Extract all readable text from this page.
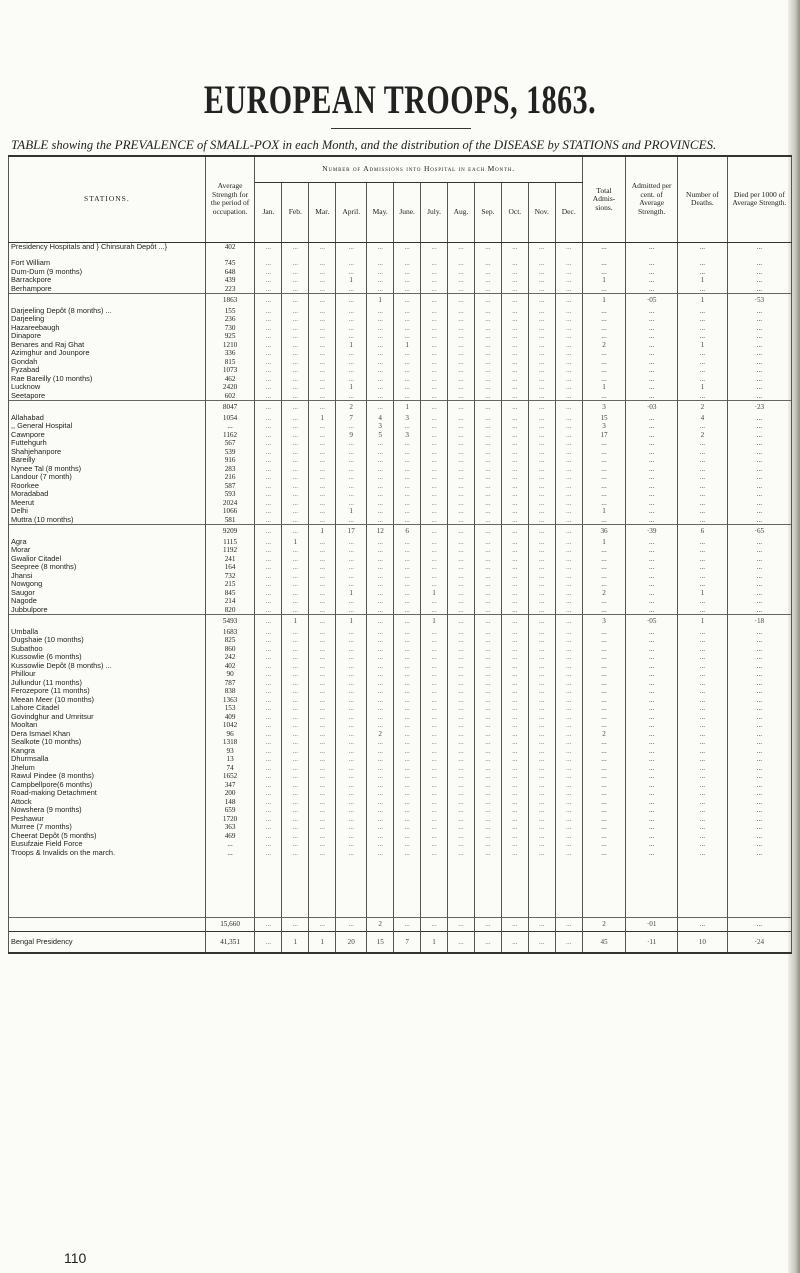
EUROPEAN TROOPS, 1863.
TABLE showing the PREVALENCE of SMALL-POX in each Month, and the distribution of the DISEASE by STATIONS and PROVINCES.
STATIONS.	Average Strength for the period of occupation.	Number of Admissions into Hospital in each Month.												Total Admis-sions.	Admitted per cent. of Average Strength.	Number of Deaths.	Died per 1000 of Average Strength.
		Jan.	Feb.	Mar.	April.	May.	June.	July.	Aug.	Sep.	Oct.	Nov.	Dec.				
Presidency Hospitals and } Chinsurah Depôt ...}	402	...	...	...	...	...	...	...	...	...	...	...	...	...	...	...	...

Fort William	745	...	...	...	...	...	...	...	...	...	...	...	...	...	...	...	...
Dum-Dum (9 months)	648	...	...	...	...	...	...	...	...	...	...	...	...	...	...	...	...
Barrackpore	439	...	...	...	1	...	...	...	...	...	...	...	...	1	...	1	...
Berhampore	223	...	...	...	...	...	...	...	...	...	...	...	...	...	...	...	...
	1863	...	...	...	...	1	...	...	...	...	...	...	...	1	·05	1	·53
Darjeeling Depôt (8 months) ...	155	...	...	...	...	...	...	...	...	...	...	...	...	...	...	...	...
Darjeeling	236	...	...	...	...	...	...	...	...	...	...	...	...	...	...	...	...
Hazareebaugh	730	...	...	...	...	...	...	...	...	...	...	...	...	...	...	...	...
Dinapore	925	...	...	...	...	...	...	...	...	...	...	...	...	...	...	...	...
Benares and Raj Ghat	1210	...	...	...	1	...	1	...	...	...	...	...	...	2	...	1	...
Azimghur and Jounpore	336	...	...	...	...	...	...	...	...	...	...	...	...	...	...	...	...
Gondah	815	...	...	...	...	...	...	...	...	...	...	...	...	...	...	...	...
Fyzabad	1073	...	...	...	...	...	...	...	...	...	...	...	...	...	...	...	...
Rae Bareilly (10 months)	462	...	...	...	...	...	...	...	...	...	...	...	...	...	...	...	...
Lucknow	2420	...	...	...	1	...	...	...	...	...	...	...	...	1	...	1	...
Seetapore	602	...	...	...	...	...	...	...	...	...	...	...	...	...	...	...	...
	8047	...	...	...	2	...	1	...	...	...	...	...	...	3	·03	2	·23
Allahabad	1054	...	...	1	7	4	3	...	...	...	...	...	...	15	...	4	...
,, General Hospital	...	...	...	...	...	3	...	...	...	...	...	...	...	3	...	...	...
Cawnpore	1162	...	...	...	9	5	3	...	...	...	...	...	...	17	...	2	...
Futtehgurh	567	...	...	...	...	...	...	...	...	...	...	...	...	...	...	...	...
Shahjehanpore	539	...	...	...	...	...	...	...	...	...	...	...	...	...	...	...	...
Bareilly	916	...	...	...	...	...	...	...	...	...	...	...	...	...	...	...	...
Nynee Tal (8 months)	283	...	...	...	...	...	...	...	...	...	...	...	...	...	...	...	...
Landour (7 month)	216	...	...	...	...	...	...	...	...	...	...	...	...	...	...	...	...
Roorkee	587	...	...	...	...	...	...	...	...	...	...	...	...	...	...	...	...
Moradabad	593	...	...	...	...	...	...	...	...	...	...	...	...	...	...	...	...
Meerut	2024	...	...	...	...	...	...	...	...	...	...	...	...	...	...	...	...
Delhi	1066	...	...	...	1	...	...	...	...	...	...	...	...	1	...	...	...
Muttra (10 months)	581	...	...	...	...	...	...	...	...	...	...	...	...	...	...	...	...
	9209	...	...	1	17	12	6	...	...	...	...	...	...	36	·39	6	·65
Agra	1115	...	1	...	...	...	...	...	...	...	...	...	...	1	...	...	...
Morar	1192	...	...	...	...	...	...	...	...	...	...	...	...	...	...	...	...
Gwalior Citadel	241	...	...	...	...	...	...	...	...	...	...	...	...	...	...	...	...
Seepree (8 months)	164	...	...	...	...	...	...	...	...	...	...	...	...	...	...	...	...
Jhansi	732	...	...	...	...	...	...	...	...	...	...	...	...	...	...	...	...
Nowgong	215	...	...	...	...	...	...	...	...	...	...	...	...	...	...	...	...
Saugor	845	...	...	...	1	...	...	1	...	...	...	...	...	2	...	1	...
Nagode	214	...	...	...	...	...	...	...	...	...	...	...	...	...	...	...	...
Jubbulpore	820	...	...	...	...	...	...	...	...	...	...	...	...	...	...	...	...
	5493	...	1	...	1	...	...	1	...	...	...	...	...	3	·05	1	·18
Umballa	1683	...	...	...	...	...	...	...	...	...	...	...	...	...	...	...	...
Dugshaie (10 months)	825	...	...	...	...	...	...	...	...	...	...	...	...	...	...	...	...
Subathoo	860	...	...	...	...	...	...	...	...	...	...	...	...	...	...	...	...
Kussowlie (6 months)	242	...	...	...	...	...	...	...	...	...	...	...	...	...	...	...	...
Kussowlie Depôt (8 months) ...	402	...	...	...	...	...	...	...	...	...	...	...	...	...	...	...	...
Phillour	90	...	...	...	...	...	...	...	...	...	...	...	...	...	...	...	...
Jullundur (11 months)	787	...	...	...	...	...	...	...	...	...	...	...	...	...	...	...	...
Ferozepore (11 months)	838	...	...	...	...	...	...	...	...	...	...	...	...	...	...	...	...
Meean Meer (10 months)	1363	...	...	...	...	...	...	...	...	...	...	...	...	...	...	...	...
Lahore Citadel	153	...	...	...	...	...	...	...	...	...	...	...	...	...	...	...	...
Govindghur and Umritsur	409	...	...	...	...	...	...	...	...	...	...	...	...	...	...	...	...
Mooltan	1042	...	...	...	...	...	...	...	...	...	...	...	...	...	...	...	...
Dera Ismael Khan	96	...	...	...	...	2	...	...	...	...	...	...	...	2	...	...	...
Sealkote (10 months)	1318	...	...	...	...	...	...	...	...	...	...	...	...	...	...	...	...
Kangra	93	...	...	...	...	...	...	...	...	...	...	...	...	...	...	...	...
Dhurmsalla	13	...	...	...	...	...	...	...	...	...	...	...	...	...	...	...	...
Jhelum	74	...	...	...	...	...	...	...	...	...	...	...	...	...	...	...	...
Rawul Pindee (8 months)	1652	...	...	...	...	...	...	...	...	...	...	...	...	...	...	...	...
Campbellpore(6 months)	347	...	...	...	...	...	...	...	...	...	...	...	...	...	...	...	...
Road-making Detachment	200	...	...	...	...	...	...	...	...	...	...	...	...	...	...	...	...
Attock	148	...	...	...	...	...	...	...	...	...	...	...	...	...	...	...	...
Nowshera (9 months)	659	...	...	...	...	...	...	...	...	...	...	...	...	...	...	...	...
Peshawur	1720	...	...	...	...	...	...	...	...	...	...	...	...	...	...	...	...
Murree (7 months)	363	...	...	...	...	...	...	...	...	...	...	...	...	...	...	...	...
Cheerat Depôt (5 months)	469	...	...	...	...	...	...	...	...	...	...	...	...	...	...	...	...
Eusufzaie Field Force	...	...	...	...	...	...	...	...	...	...	...	...	...	...	...	...	...
Troops & Invalids on the march.	...	...	...	...	...	...	...	...	...	...	...	...	...	...	...	...	...

	15,660	...	...	...	...	2	...	...	...	...	...	...	...	2	·01	...	...
Bengal Presidency	41,351	...	1	1	20	15	7	1	...	...	...	...	...	45	·11	10	·24
110
